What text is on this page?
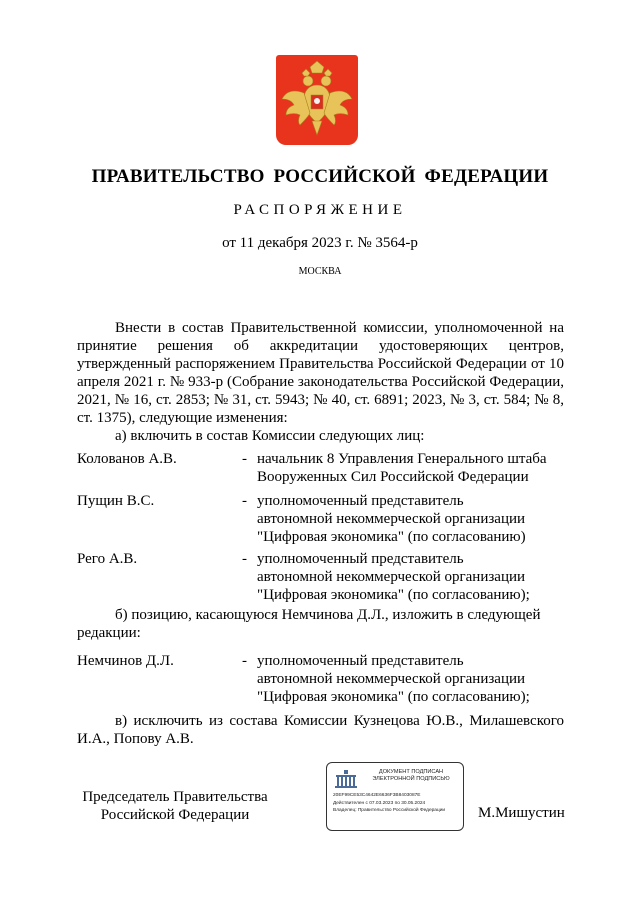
ПРАВИТЕЛЬСТВО РОССИЙСКОЙ ФЕДЕРАЦИИ
РАСПОРЯЖЕНИЕ
от 11 декабря 2023 г. № 3564-р
МОСКВА
Внести в состав Правительственной комиссии, уполномоченной на принятие решения об аккредитации удостоверяющих центров, утвержденный распоряжением Правительства Российской Федерации от 10 апреля 2021 г. № 933-р (Собрание законодательства Российской Федерации, 2021, № 16, ст. 2853; № 31, ст. 5943; № 40, ст. 6891; 2023, № 3, ст. 584; № 8, ст. 1375), следующие изменения:
а) включить в состав Комиссии следующих лиц:
Колованов А.В.	- начальник 8 Управления Генерального штаба
Вооруженных Сил Российской Федерации
Пущин В.С.	- уполномоченный представитель
автономной некоммерческой организации
"Цифровая экономика" (по согласованию)
Рего А.В.	- уполномоченный представитель
автономной некоммерческой организации
"Цифровая экономика" (по согласованию);
б) позицию, касающуюся Немчинова Д.Л., изложить в следующей редакции:
Немчинов Д.Л.	- уполномоченный представитель
автономной некоммерческой организации
"Цифровая экономика" (по согласованию);
в) исключить из состава Комиссии Кузнецова Ю.В., Милашевского И.А., Попову А.В.
Председатель Правительства
Российской Федерации
ДОКУМЕНТ ПОДПИСАН
ЭЛЕКТРОННОЙ ПОДПИСЬЮ
20EF99CE53C4642E6636F3B8403087E
Действителен с 07.03.2023 по 30.05.2024
Владелец: Правительство Российской Федерации	М.Мишустин
